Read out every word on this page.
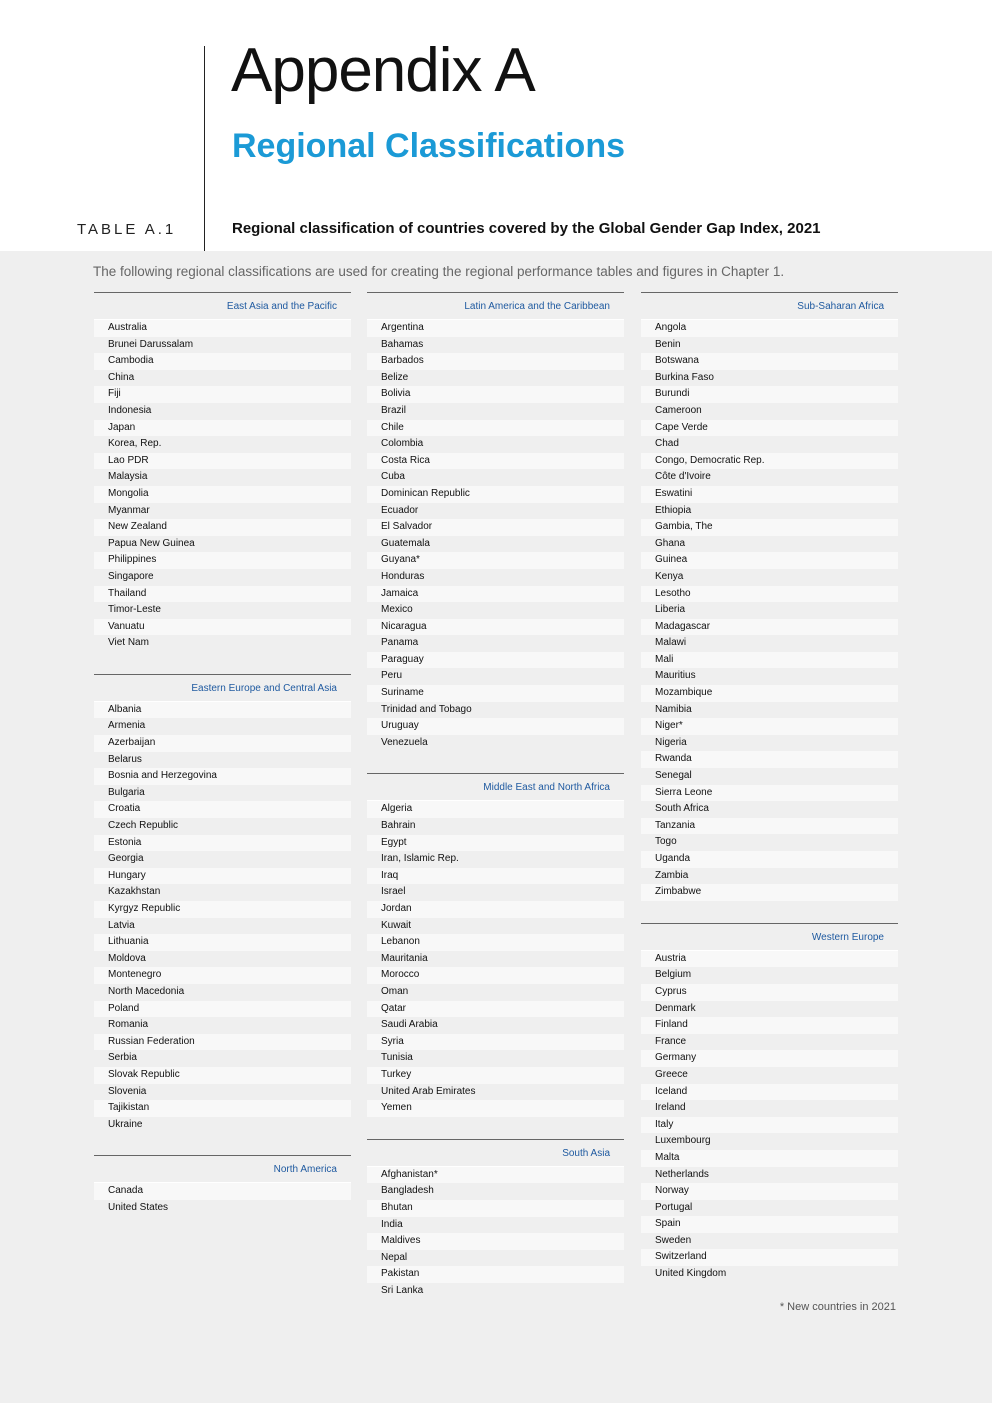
Appendix A
Regional Classifications
TABLE A.1	Regional classification of countries covered by the Global Gender Gap Index, 2021
The following regional classifications are used for creating the regional performance tables and figures in Chapter 1.
East Asia and the Pacific
Australia
Brunei Darussalam
Cambodia
China
Fiji
Indonesia
Japan
Korea, Rep.
Lao PDR
Malaysia
Mongolia
Myanmar
New Zealand
Papua New Guinea
Philippines
Singapore
Thailand
Timor-Leste
Vanuatu
Viet Nam
Eastern Europe and Central Asia
Albania
Armenia
Azerbaijan
Belarus
Bosnia and Herzegovina
Bulgaria
Croatia
Czech Republic
Estonia
Georgia
Hungary
Kazakhstan
Kyrgyz Republic
Latvia
Lithuania
Moldova
Montenegro
North Macedonia
Poland
Romania
Russian Federation
Serbia
Slovak Republic
Slovenia
Tajikistan
Ukraine
North America
Canada
United States
Latin America and the Caribbean
Argentina
Bahamas
Barbados
Belize
Bolivia
Brazil
Chile
Colombia
Costa Rica
Cuba
Dominican Republic
Ecuador
El Salvador
Guatemala
Guyana*
Honduras
Jamaica
Mexico
Nicaragua
Panama
Paraguay
Peru
Suriname
Trinidad and Tobago
Uruguay
Venezuela
Middle East and North Africa
Algeria
Bahrain
Egypt
Iran, Islamic Rep.
Iraq
Israel
Jordan
Kuwait
Lebanon
Mauritania
Morocco
Oman
Qatar
Saudi Arabia
Syria
Tunisia
Turkey
United Arab Emirates
Yemen
South Asia
Afghanistan*
Bangladesh
Bhutan
India
Maldives
Nepal
Pakistan
Sri Lanka
Sub-Saharan Africa
Angola
Benin
Botswana
Burkina Faso
Burundi
Cameroon
Cape Verde
Chad
Congo, Democratic Rep.
Côte d'Ivoire
Eswatini
Ethiopia
Gambia, The
Ghana
Guinea
Kenya
Lesotho
Liberia
Madagascar
Malawi
Mali
Mauritius
Mozambique
Namibia
Niger*
Nigeria
Rwanda
Senegal
Sierra Leone
South Africa
Tanzania
Togo
Uganda
Zambia
Zimbabwe
Western Europe
Austria
Belgium
Cyprus
Denmark
Finland
France
Germany
Greece
Iceland
Ireland
Italy
Luxembourg
Malta
Netherlands
Norway
Portugal
Spain
Sweden
Switzerland
United Kingdom
* New countries in 2021
